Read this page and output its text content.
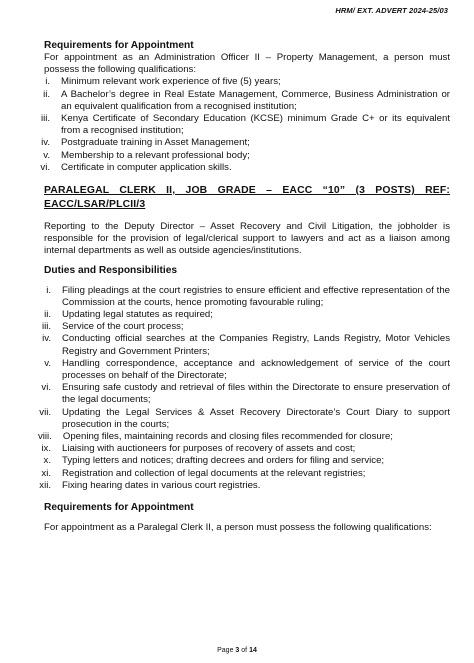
HRM/ EXT. ADVERT 2024-25/03
Requirements for Appointment
For appointment as an Administration Officer II – Property Management, a person must possess the following qualifications:
i.	Minimum relevant work experience of five (5) years;
ii.	A Bachelor’s degree in Real Estate Management, Commerce, Business Administration or an equivalent qualification from a recognised institution;
iii.	Kenya Certificate of Secondary Education (KCSE) minimum Grade C+ or its equivalent from a recognised institution;
iv.	Postgraduate training in Asset Management;
v.	Membership to a relevant professional body;
vi.	Certificate in computer application skills.
PARALEGAL CLERK II, JOB GRADE – EACC “10” (3 POSTS) REF: EACC/LSAR/PLCII/3
Reporting to the Deputy Director – Asset Recovery and Civil Litigation, the jobholder is responsible for the provision of legal/clerical support to lawyers and act as a liaison among internal departments as well as outside agencies/institutions.
Duties and Responsibilities
i.	Filing pleadings at the court registries to ensure efficient and effective representation of the Commission at the courts, hence promoting favourable ruling;
ii.	Updating legal statutes as required;
iii.	Service of the court process;
iv.	Conducting official searches at the Companies Registry, Lands Registry, Motor Vehicles Registry and Government Printers;
v.	Handling correspondence, acceptance and acknowledgement of service of the court processes on behalf of the Directorate;
vi.	Ensuring safe custody and retrieval of files within the Directorate to ensure preservation of the legal documents;
vii.	Updating the Legal Services & Asset Recovery Directorate’s Court Diary to support prosecution in the courts;
viii.	Opening files, maintaining records and closing files recommended for closure;
ix.	Liaising with auctioneers for purposes of recovery of assets and cost;
x.	Typing letters and notices; drafting decrees and orders for filing and service;
xi.	Registration and collection of legal documents at the relevant registries;
xii.	Fixing hearing dates in various court registries.
Requirements for Appointment
For appointment as a Paralegal Clerk II, a person must possess the following qualifications:
Page 3 of 14
